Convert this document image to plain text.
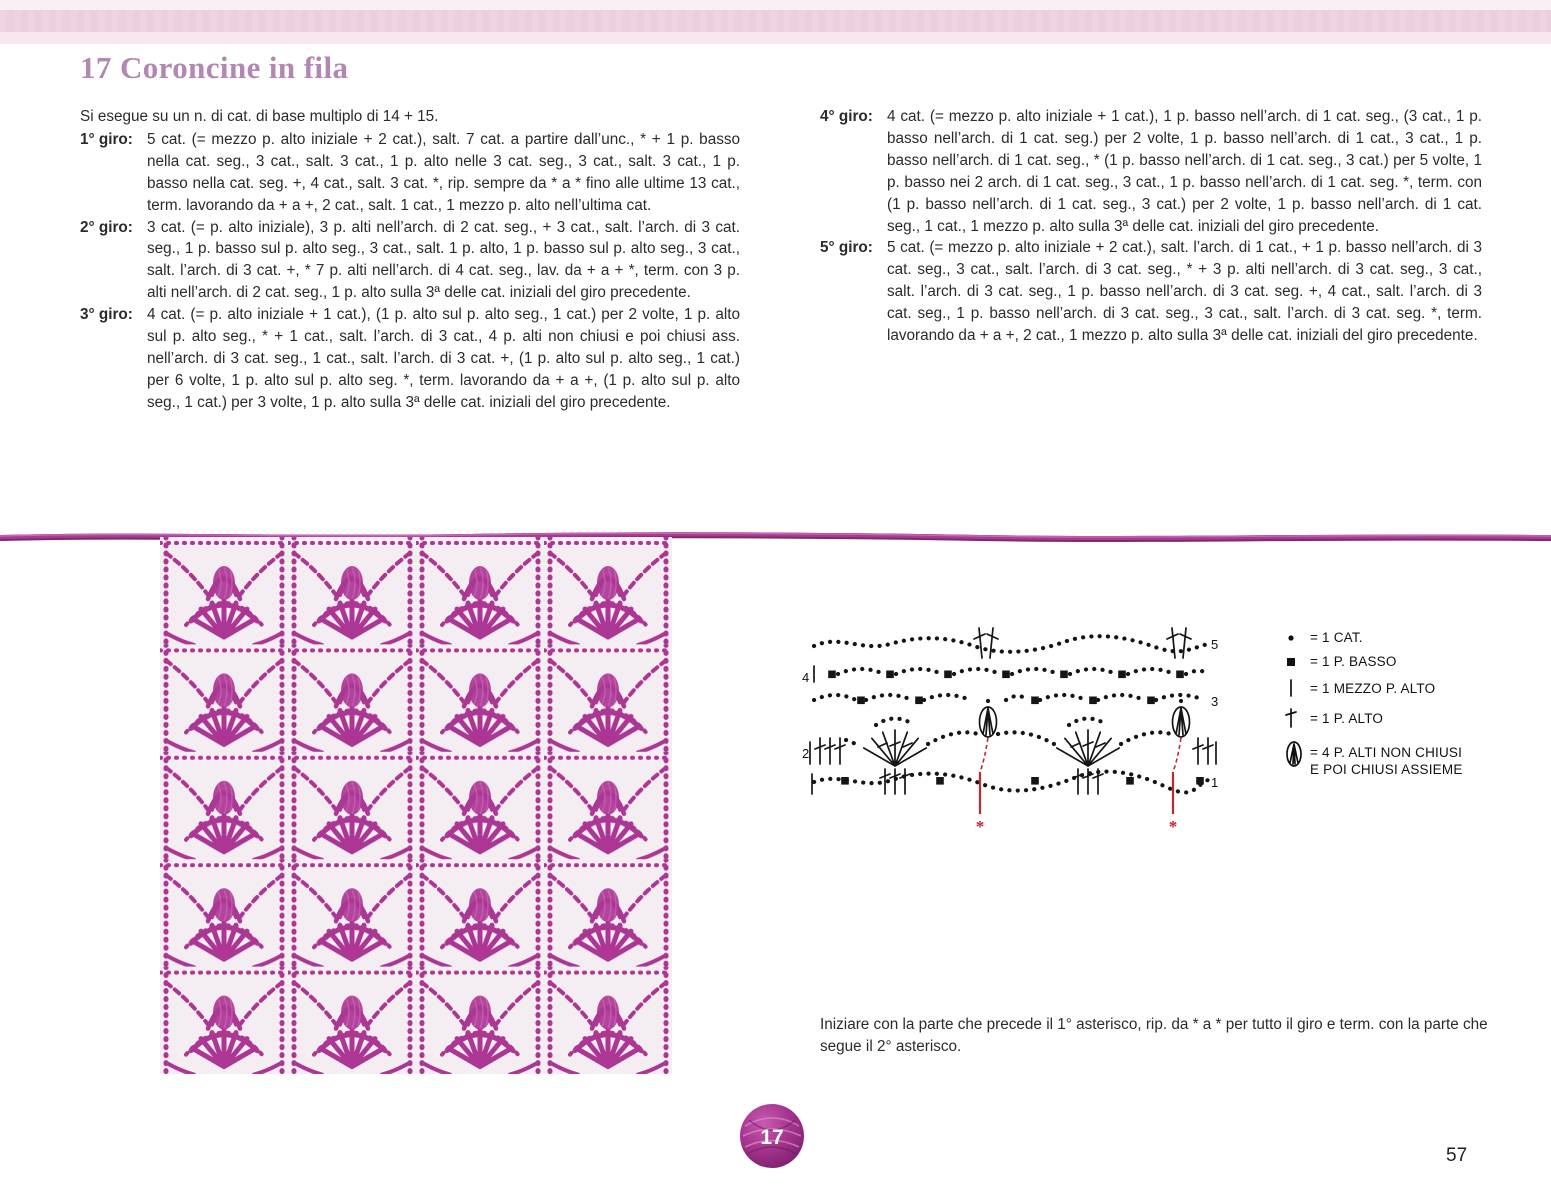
17 Coroncine in fila

Si esegue su un n. di cat. di base multiplo di 14 + 15.

1° giro: 5 cat. (= mezzo p. alto iniziale + 2 cat.), salt. 7 cat. a partire dall’unc., * + 1 p. basso nella cat. seg., 3 cat., salt. 3 cat., 1 p. alto nelle 3 cat. seg., 3 cat., salt. 3 cat., 1 p. basso nella cat. seg. +, 4 cat., salt. 3 cat. *, rip. sempre da * a * fino alle ultime 13 cat., term. lavorando da + a +, 2 cat., salt. 1 cat., 1 mezzo p. alto nell’ultima cat.
2° giro: 3 cat. (= p. alto iniziale), 3 p. alti nell’arch. di 2 cat. seg., + 3 cat., salt. l’arch. di 3 cat. seg., 1 p. basso sul p. alto seg., 3 cat., salt. 1 p. alto, 1 p. basso sul p. alto seg., 3 cat., salt. l’arch. di 3 cat. +, * 7 p. alti nell’arch. di 4 cat. seg., lav. da + a + *, term. con 3 p. alti nell’arch. di 2 cat. seg., 1 p. alto sulla 3ª delle cat. iniziali del giro precedente.
3° giro: 4 cat. (= p. alto iniziale + 1 cat.), (1 p. alto sul p. alto seg., 1 cat.) per 2 volte, 1 p. alto sul p. alto seg., * + 1 cat., salt. l’arch. di 3 cat., 4 p. alti non chiusi e poi chiusi ass. nell’arch. di 3 cat. seg., 1 cat., salt. l’arch. di 3 cat. +, (1 p. alto sul p. alto seg., 1 cat.) per 6 volte, 1 p. alto sul p. alto seg. *, term. lavorando da + a +, (1 p. alto sul p. alto seg., 1 cat.) per 3 volte, 1 p. alto sulla 3ª delle cat. iniziali del giro precedente.
4° giro: 4 cat. (= mezzo p. alto iniziale + 1 cat.), 1 p. basso nell’arch. di 1 cat. seg., (3 cat., 1 p. basso nell’arch. di 1 cat. seg.) per 2 volte, 1 p. basso nell’arch. di 1 cat., 3 cat., 1 p. basso nell’arch. di 1 cat. seg., * (1 p. basso nell’arch. di 1 cat. seg., 3 cat.) per 5 volte, 1 p. basso nei 2 arch. di 1 cat. seg., 3 cat., 1 p. basso nell’arch. di 1 cat. seg. *, term. con (1 p. basso nell’arch. di 1 cat. seg., 3 cat.) per 2 volte, 1 p. basso nell’arch. di 1 cat. seg., 1 cat., 1 mezzo p. alto sulla 3ª delle cat. iniziali del giro precedente.
5° giro: 5 cat. (= mezzo p. alto iniziale + 2 cat.), salt. l’arch. di 1 cat., + 1 p. basso nell’arch. di 3 cat. seg., 3 cat., salt. l’arch. di 3 cat. seg., * + 3 p. alti nell’arch. di 3 cat. seg., 3 cat., salt. l’arch. di 3 cat. seg., 1 p. basso nell’arch. di 3 cat. seg. +, 4 cat., salt. l’arch. di 3 cat. seg., 1 p. basso nell’arch. di 3 cat. seg., 3 cat., salt. l’arch. di 3 cat. seg. *, term. lavorando da + a +, 2 cat., 1 mezzo p. alto sulla 3ª delle cat. iniziali del giro precedente.
*	*
5
4
3
2
1
= 1 CAT.
= 1 P. BASSO
= 1 MEZZO P. ALTO
= 1 P. ALTO
= 4 P. ALTI NON CHIUSI
E POI CHIUSI ASSIEME

Iniziare con la parte che precede il 1° asterisco, rip. da * a * per tutto il giro e term. con la parte che segue il 2° asterisco.

17
57
